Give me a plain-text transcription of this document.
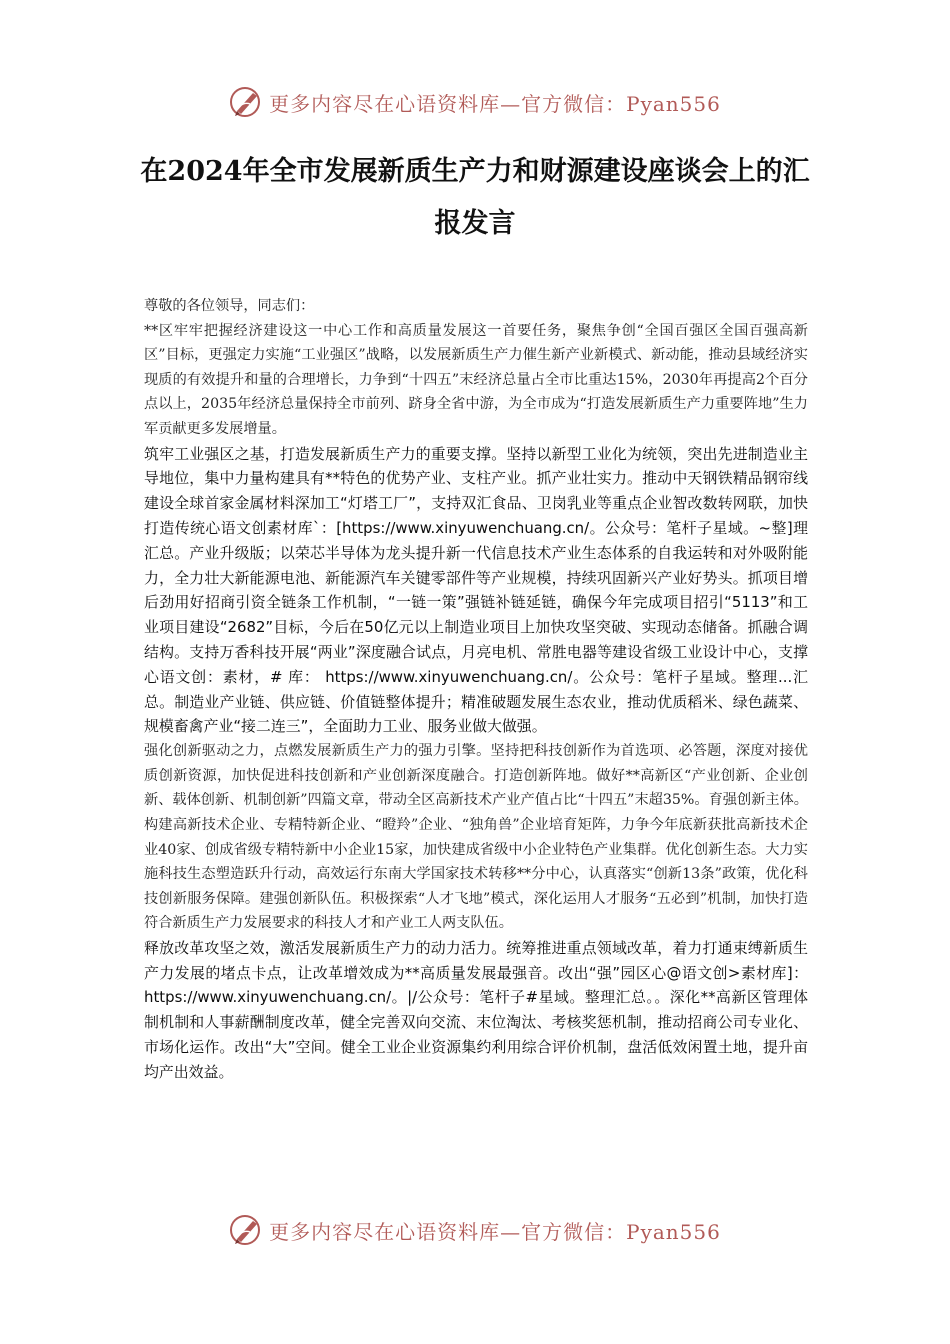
更多内容尽在心语资料库—官方微信：Pyan556
在2024年全市发展新质生产力和财源建设座谈会上的汇报发言

尊敬的各位领导，同志们：

**区牢牢把握经济建设这一中心工作和高质量发展这一首要任务，聚焦争创“全国百强区全国百强高新区”目标，更强定力实施“工业强区”战略，以发展新质生产力催生新产业新模式、新动能，推动县域经济实现质的有效提升和量的合理增长，力争到“十四五”末经济总量占全市比重达15%，2030年再提高2个百分点以上，2035年经济总量保持全市前列、跻身全省中游，为全市成为“打造发展新质生产力重要阵地”生力军贡献更多发展增量。

筑牢工业强区之基，打造发展新质生产力的重要支撑。坚持以新型工业化为统领，突出先进制造业主导地位，集中力量构建具有**特色的优势产业、支柱产业。抓产业壮实力。推动中天钢铁精品钢帘线建设全球首家金属材料深加工“灯塔工厂”，支持双汇食品、卫岗乳业等重点企业智改数转网联，加快打造传统心语文创素材库`：[https://www.xinyuwenchuang.cn/。公众号：笔杆子星域。~整]理汇总。产业升级版；以荣芯半导体为龙头提升新一代信息技术产业生态体系的自我运转和对外吸附能力，全力壮大新能源电池、新能源汽车关键零部件等产业规模，持续巩固新兴产业好势头。抓项目增后劲用好招商引资全链条工作机制，“一链一策”强链补链延链，确保今年完成项目招引“5113”和工业项目建设“2682”目标，今后在50亿元以上制造业项目上加快攻坚突破、实现动态储备。抓融合调结构。支持万香科技开展“两业”深度融合试点，月亮电机、常胜电器等建设省级工业设计中心，支撑心语文创：素材，# 库： https://www.xinyuwenchuang.cn/。公众号：笔杆子星域。整理...汇总。制造业产业链、供应链、价值链整体提升；精准破题发展生态农业，推动优质稻米、绿色蔬菜、规模畜禽产业“接二连三”，全面助力工业、服务业做大做强。

强化创新驱动之力，点燃发展新质生产力的强力引擎。坚持把科技创新作为首选项、必答题，深度对接优质创新资源，加快促进科技创新和产业创新深度融合。打造创新阵地。做好**高新区“产业创新、企业创新、载体创新、机制创新”四篇文章，带动全区高新技术产业产值占比“十四五”末超35%。育强创新主体。构建高新技术企业、专精特新企业、“瞪羚”企业、“独角兽”企业培育矩阵，力争今年底新获批高新技术企业40家、创成省级专精特新中小企业15家，加快建成省级中小企业特色产业集群。优化创新生态。大力实施科技生态塑造跃升行动，高效运行东南大学国家技术转移**分中心，认真落实“创新13条”政策，优化科技创新服务保障。建强创新队伍。积极探索“人才飞地”模式，深化运用人才服务“五必到”机制，加快打造符合新质生产力发展要求的科技人才和产业工人两支队伍。

释放改革攻坚之效，激活发展新质生产力的动力活力。统筹推进重点领域改革，着力打通束缚新质生产力发展的堵点卡点，让改革增效成为**高质量发展最强音。改出“强”园区心@语文创>素材库]：https://www.xinyuwenchuang.cn/。|/公众号：笔杆子#星域。整理汇总。。深化**高新区管理体制机制和人事薪酬制度改革，健全完善双向交流、末位淘汰、考核奖惩机制，推动招商公司专业化、市场化运作。改出“大”空间。健全工业企业资源集约利用综合评价机制，盘活低效闲置土地，提升亩均产出效益。

更多内容尽在心语资料库—官方微信：Pyan556
